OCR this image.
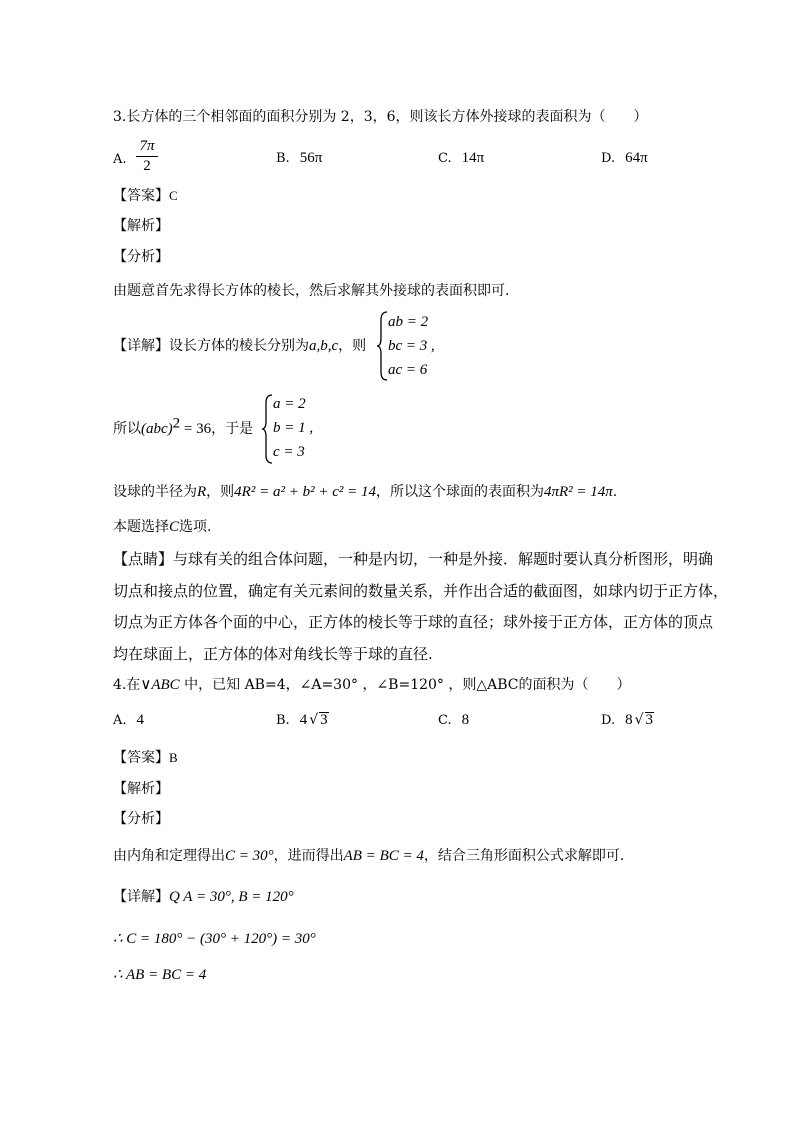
3.长方体的三个相邻面的面积分别为 2，3，6，则该长方体外接球的表面积为（　　）
A.
7π
2	B. 56π	C. 14π	D. 64π
【答案】C
【解析】
【分析】
由题意首先求得长方体的棱长，然后求解其外接球的表面积即可.
【详解】设长方体的棱长分别为a,b,c，则
ab = 2
bc = 3 ,
ac = 6
所以(abc)$^2$ = 36，于是
a = 2
b = 1 ,
c = 3
设球的半径为R，则4R² = a² + b² + c² = 14，所以这个球面的表面积为4πR² = 14π.
本题选择C选项.
【点睛】与球有关的组合体问题，一种是内切，一种是外接．解题时要认真分析图形，明确
切点和接点的位置，确定有关元素间的数量关系，并作出合适的截面图，如球内切于正方体，
切点为正方体各个面的中心，正方体的棱长等于球的直径；球外接于正方体，正方体的顶点
均在球面上，正方体的体对角线长等于球的直径.
4.在∨ABC 中，已知 AB=4，∠A=30° ，∠B=120° ，则△ABC的面积为（　　）
A. 4	B. 4 √ 3	C. 8	D. 8 √ 3
【答案】B
【解析】
【分析】
由内角和定理得出C = 30°，进而得出AB = BC = 4，结合三角形面积公式求解即可.
【详解】Q A = 30°, B = 120°
∴ C = 180° − (30° + 120°) = 30°
∴ AB = BC = 4
